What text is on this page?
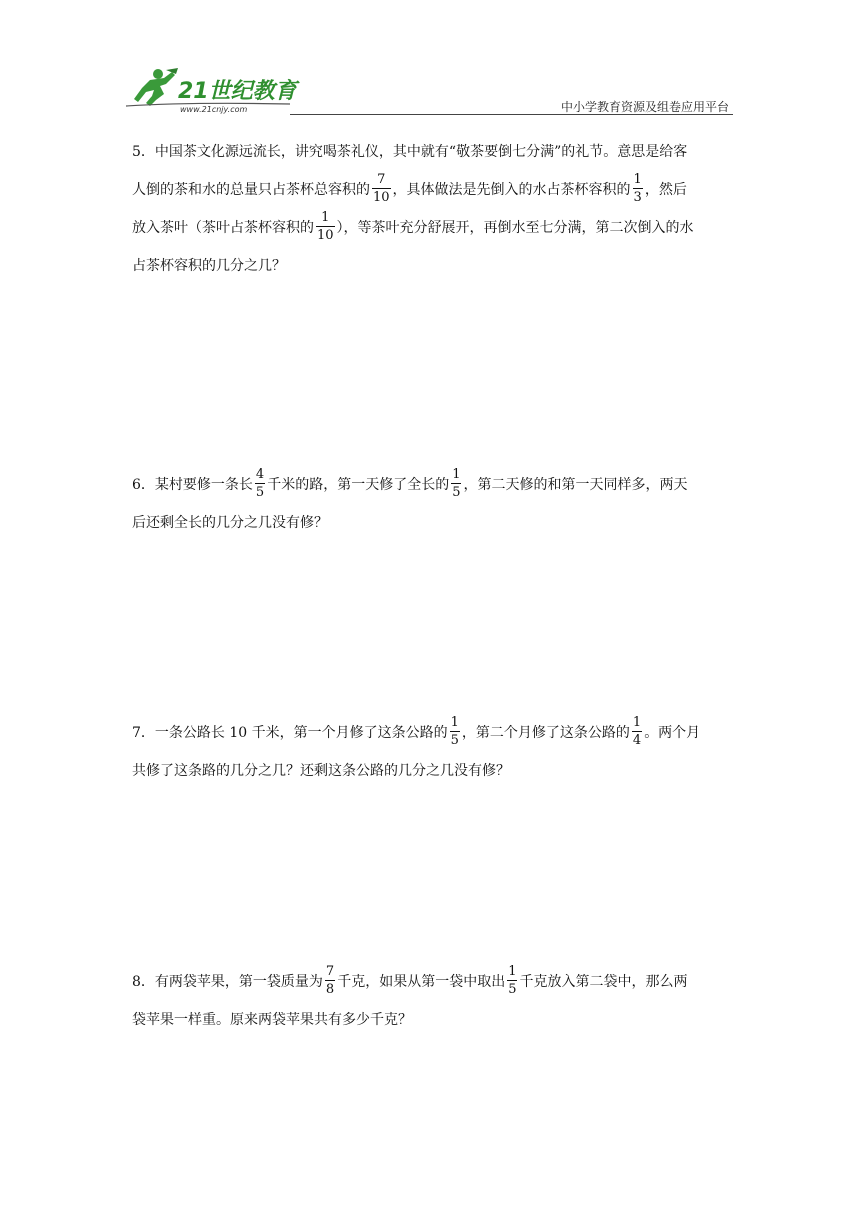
21世纪教育
www.21cnjy.com	中小学教育资源及组卷应用平台
5．中国茶文化源远流长，讲究喝茶礼仪，其中就有“敬茶要倒七分满”的礼节。意思是给客
人倒的茶和水的总量只占茶杯总容积的 $\frac{7}{10}$ ，具体做法是先倒入的水占茶杯容积的 $\frac{1}{3}$ ，然后
放入茶叶（茶叶占茶杯容积的 $\frac{1}{10}$ ），等茶叶充分舒展开，再倒水至七分满，第二次倒入的水
占茶杯容积的几分之几？
6．某村要修一条长 $\frac{4}{5}$ 千米的路，第一天修了全长的 $\frac{1}{5}$ ，第二天修的和第一天同样多，两天
后还剩全长的几分之几没有修？
7．一条公路长 10 千米，第一个月修了这条公路的 $\frac{1}{5}$ ，第二个月修了这条公路的 $\frac{1}{4}$ 。两个月
共修了这条路的几分之几？还剩这条公路的几分之几没有修？
8．有两袋苹果，第一袋质量为 $\frac{7}{8}$ 千克，如果从第一袋中取出 $\frac{1}{5}$ 千克放入第二袋中，那么两
袋苹果一样重。原来两袋苹果共有多少千克？
